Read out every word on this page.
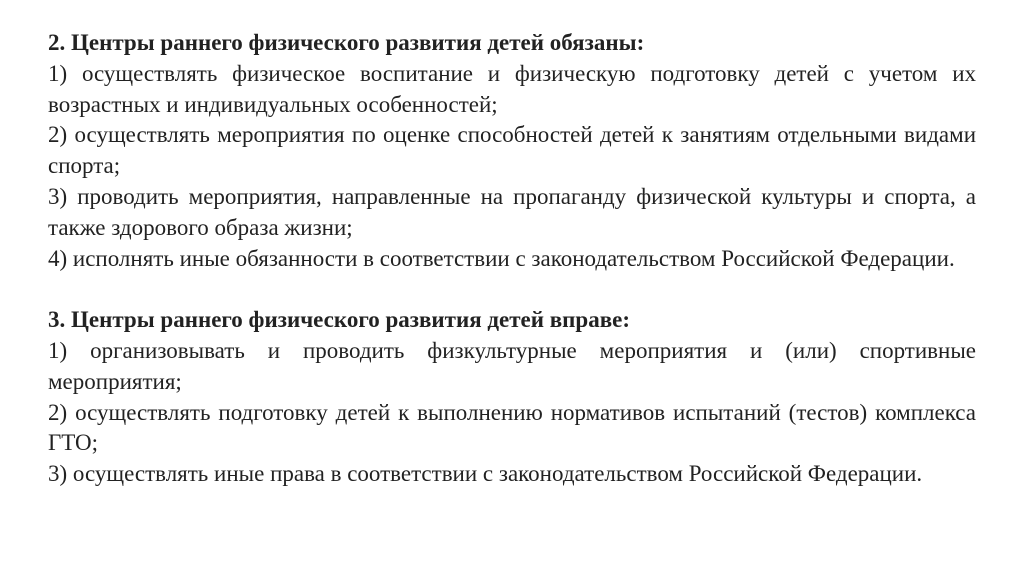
2. Центры раннего физического развития детей обязаны:

1) осуществлять физическое воспитание и физическую подготовку детей с учетом их возрастных и индивидуальных особенностей;

2) осуществлять мероприятия по оценке способностей детей к занятиям отдельными видами спорта;

3) проводить мероприятия, направленные на пропаганду физической культуры и спорта, а также здорового образа жизни;

4) исполнять иные обязанности в соответствии с законодательством Российской Федерации.

3. Центры раннего физического развития детей вправе:

1) организовывать и проводить физкультурные мероприятия и (или) спортивные мероприятия;

2) осуществлять подготовку детей к выполнению нормативов испытаний (тестов) комплекса ГТО;

3) осуществлять иные права в соответствии с законодательством Российской Федерации.
